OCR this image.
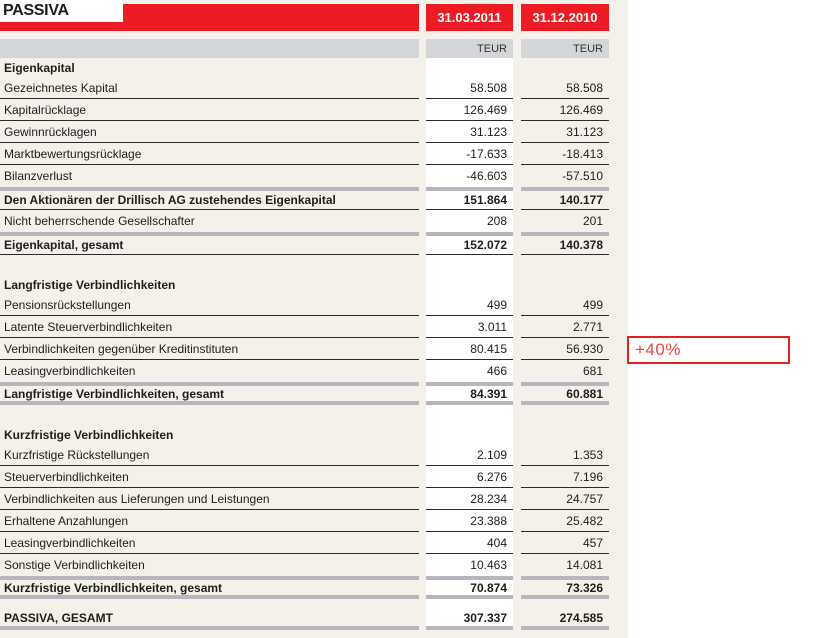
PASSIVA	31.03.2011	31.12.2010
TEUR	TEUR
Eigenkapital
Gezeichnetes Kapital	58.508	58.508
Kapitalrücklage	126.469	126.469
Gewinnrücklagen	31.123	31.123
Marktbewertungsrücklage	-17.633	-18.413
Bilanzverlust	-46.603	-57.510
Den Aktionären der Drillisch AG zustehendes Eigenkapital	151.864	140.177
Nicht beherrschende Gesellschafter	208	201
Eigenkapital, gesamt	152.072	140.378
Langfristige Verbindlichkeiten
Pensionsrückstellungen	499	499
Latente Steuerverbindlichkeiten	3.011	2.771
Verbindlichkeiten gegenüber Kreditinstituten	80.415	56.930
Leasingverbindlichkeiten	466	681
Langfristige Verbindlichkeiten, gesamt	84.391	60.881
Kurzfristige Verbindlichkeiten
Kurzfristige Rückstellungen	2.109	1.353
Steuerverbindlichkeiten	6.276	7.196
Verbindlichkeiten aus Lieferungen und Leistungen	28.234	24.757
Erhaltene Anzahlungen	23.388	25.482
Leasingverbindlichkeiten	404	457
Sonstige Verbindlichkeiten	10.463	14.081
Kurzfristige Verbindlichkeiten, gesamt	70.874	73.326
PASSIVA, GESAMT	307.337	274.585
+40%
